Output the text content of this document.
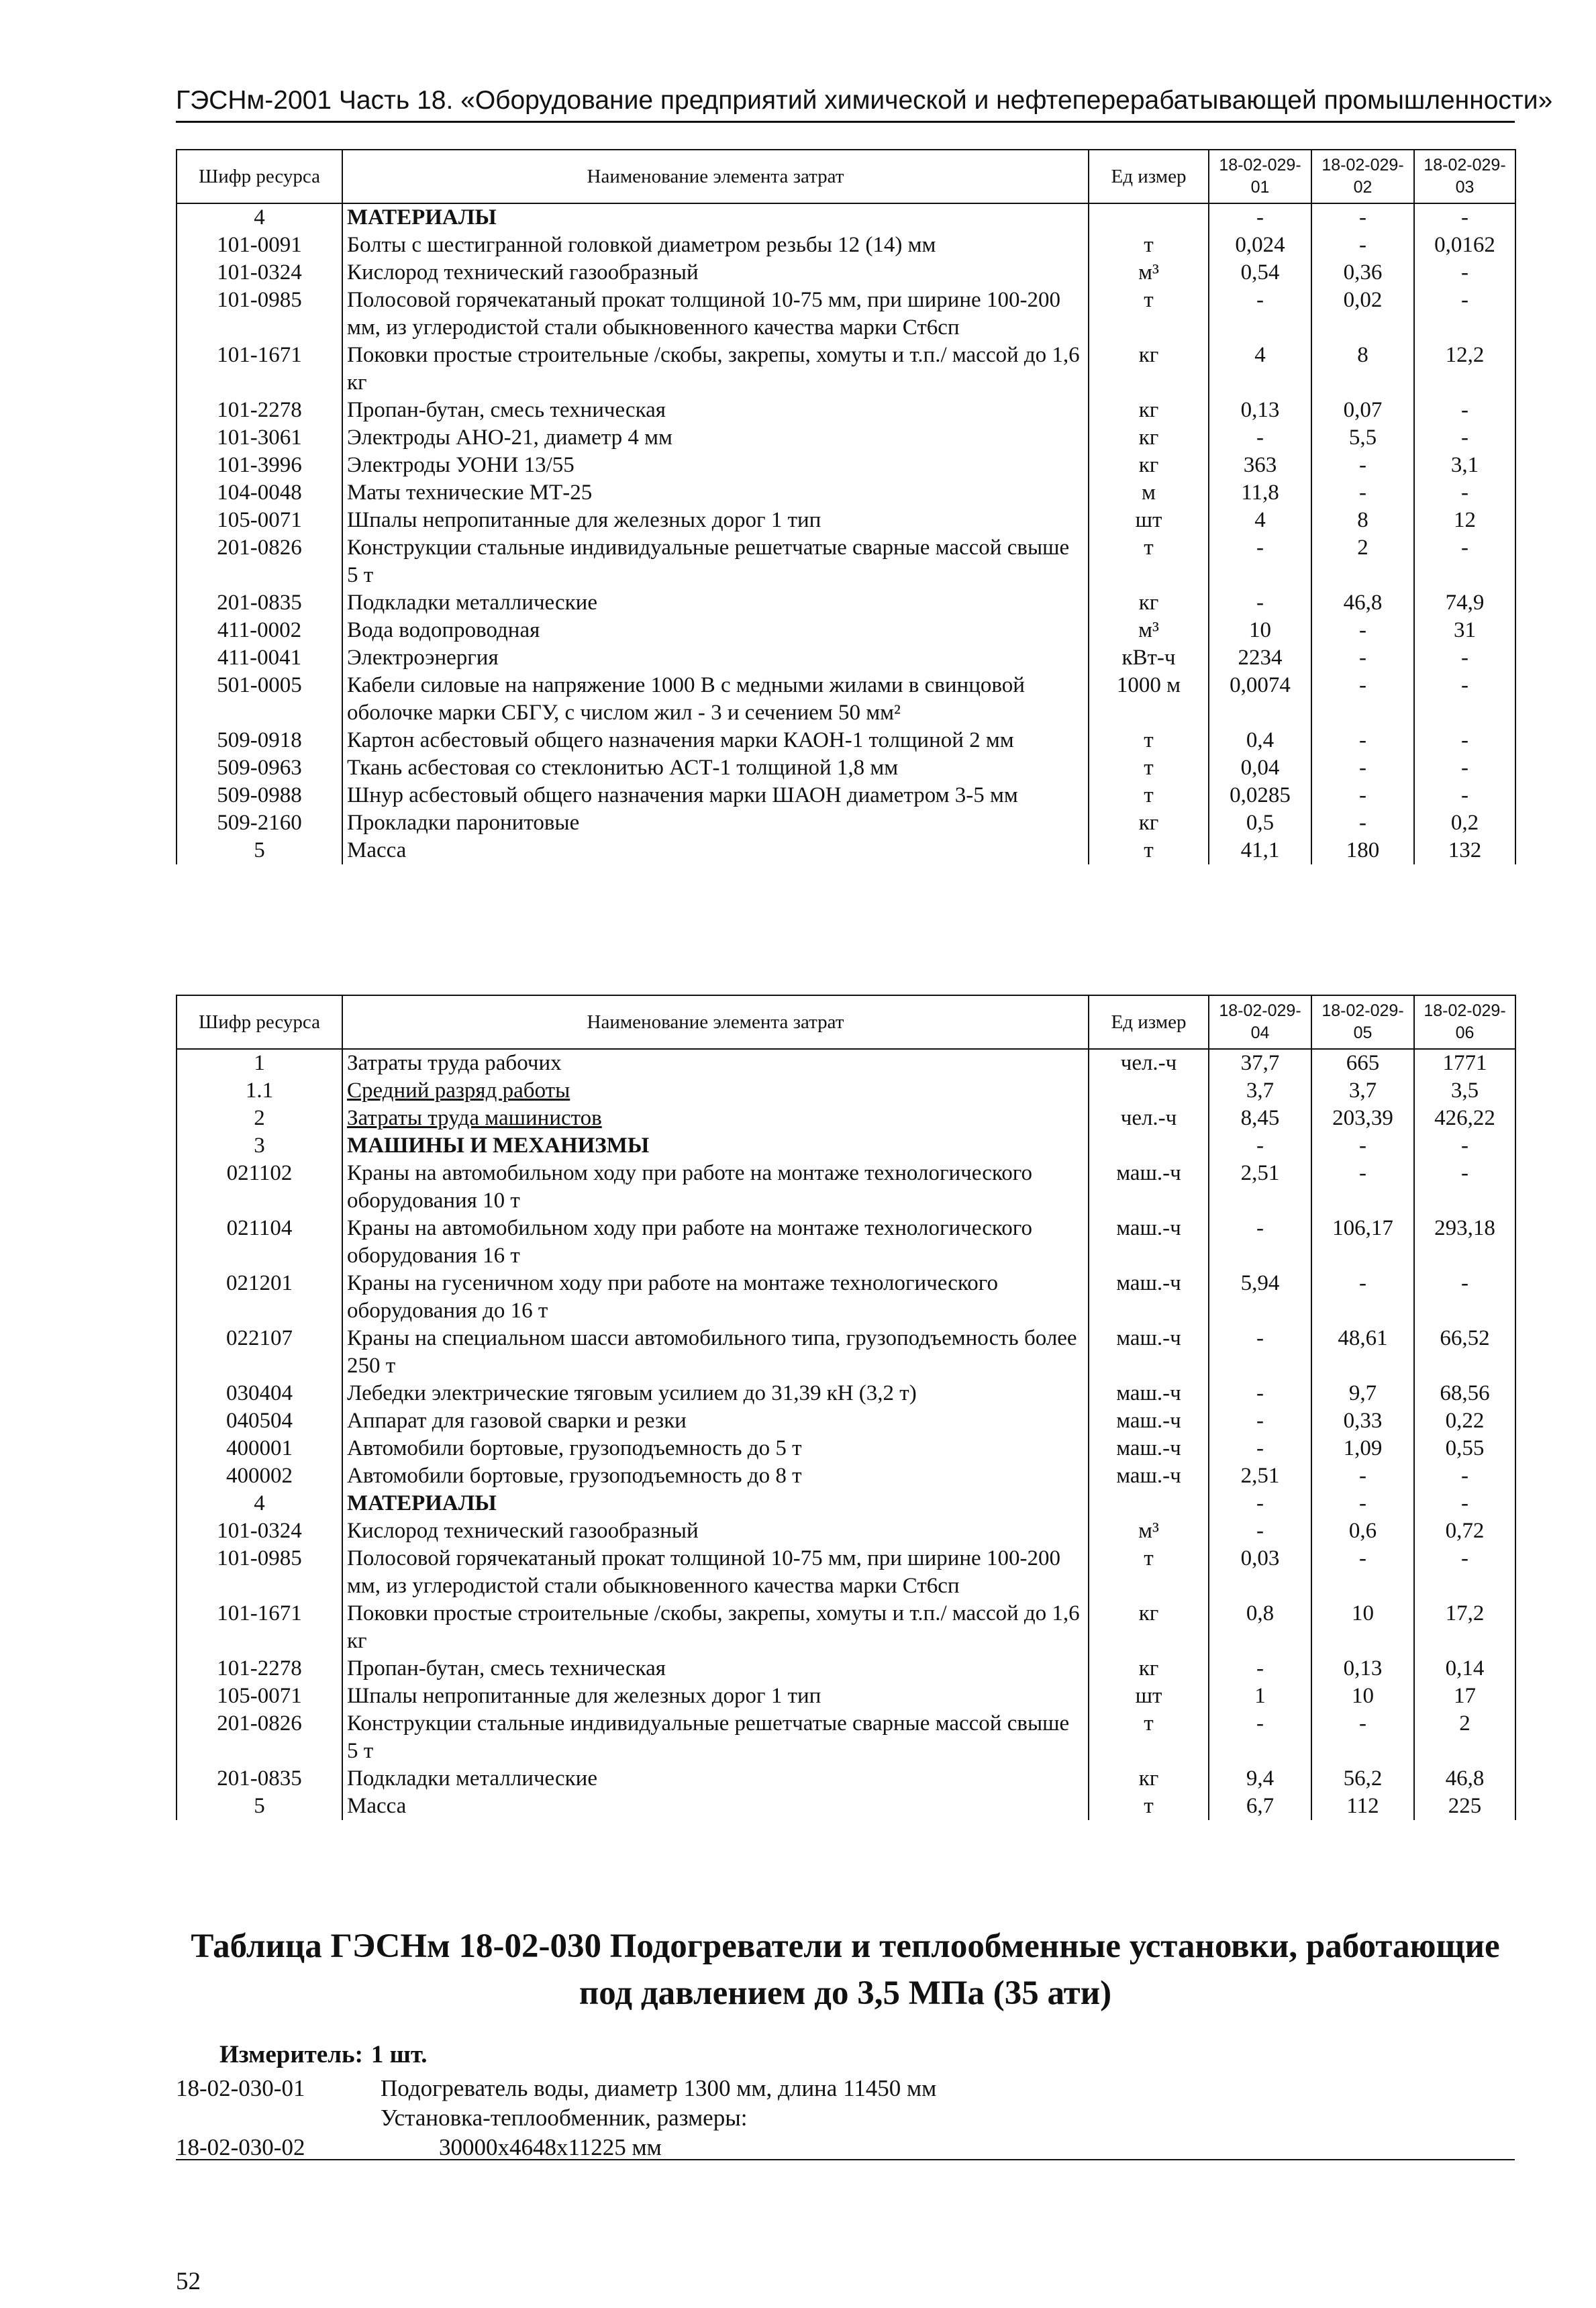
ГЭСНм-2001 Часть 18. «Оборудование предприятий химической и нефтеперерабатывающей промышленности»
Шифр ресурса	Наименование элемента затрат	Ед измер	18-02-029-01	18-02-029-02	18-02-029-03
4	МАТЕРИАЛЫ		-	-	-
101-0091	Болты с шестигранной головкой диаметром резьбы 12 (14) мм	т	0,024	-	0,0162
101-0324	Кислород технический газообразный	м³	0,54	0,36	-
101-0985	Полосовой горячекатаный прокат толщиной 10-75 мм, при ширине 100-200 мм, из углеродистой стали обыкновенного качества марки Ст6сп	т	-	0,02	-
101-1671	Поковки простые строительные /скобы, закрепы, хомуты и т.п./ массой до 1,6 кг	кг	4	8	12,2
101-2278	Пропан-бутан, смесь техническая	кг	0,13	0,07	-
101-3061	Электроды АНО-21, диаметр 4 мм	кг	-	5,5	-
101-3996	Электроды УОНИ 13/55	кг	363	-	3,1
104-0048	Маты технические МТ-25	м	11,8	-	-
105-0071	Шпалы непропитанные для железных дорог 1 тип	шт	4	8	12
201-0826	Конструкции стальные индивидуальные решетчатые сварные массой свыше 5 т	т	-	2	-
201-0835	Подкладки металлические	кг	-	46,8	74,9
411-0002	Вода водопроводная	м³	10	-	31
411-0041	Электроэнергия	кВт-ч	2234	-	-
501-0005	Кабели силовые на напряжение 1000 В с медными жилами в свинцовой оболочке марки СБГУ, с числом жил - 3 и сечением 50 мм²	1000 м	0,0074	-	-
509-0918	Картон асбестовый общего назначения марки КАОН-1 толщиной 2 мм	т	0,4	-	-
509-0963	Ткань асбестовая со стеклонитью АСТ-1 толщиной 1,8 мм	т	0,04	-	-
509-0988	Шнур асбестовый общего назначения марки ШАОН диаметром 3-5 мм	т	0,0285	-	-
509-2160	Прокладки паронитовые	кг	0,5	-	0,2
5	Масса	т	41,1	180	132
Шифр ресурса	Наименование элемента затрат	Ед измер	18-02-029-04	18-02-029-05	18-02-029-06
1	Затраты труда рабочих	чел.-ч	37,7	665	1771
1.1	Средний разряд работы		3,7	3,7	3,5
2	Затраты труда машинистов	чел.-ч	8,45	203,39	426,22
3	МАШИНЫ И МЕХАНИЗМЫ		-	-	-
021102	Краны на автомобильном ходу при работе на монтаже технологического оборудования 10 т	маш.-ч	2,51	-	-
021104	Краны на автомобильном ходу при работе на монтаже технологического оборудования 16 т	маш.-ч	-	106,17	293,18
021201	Краны на гусеничном ходу при работе на монтаже технологического оборудования до 16 т	маш.-ч	5,94	-	-
022107	Краны на специальном шасси автомобильного типа, грузоподъемность более 250 т	маш.-ч	-	48,61	66,52
030404	Лебедки электрические тяговым усилием до 31,39 кН (3,2 т)	маш.-ч	-	9,7	68,56
040504	Аппарат для газовой сварки и резки	маш.-ч	-	0,33	0,22
400001	Автомобили бортовые, грузоподъемность до 5 т	маш.-ч	-	1,09	0,55
400002	Автомобили бортовые, грузоподъемность до 8 т	маш.-ч	2,51	-	-
4	МАТЕРИАЛЫ		-	-	-
101-0324	Кислород технический газообразный	м³	-	0,6	0,72
101-0985	Полосовой горячекатаный прокат толщиной 10-75 мм, при ширине 100-200 мм, из углеродистой стали обыкновенного качества марки Ст6сп	т	0,03	-	-
101-1671	Поковки простые строительные /скобы, закрепы, хомуты и т.п./ массой до 1,6 кг	кг	0,8	10	17,2
101-2278	Пропан-бутан, смесь техническая	кг	-	0,13	0,14
105-0071	Шпалы непропитанные для железных дорог 1 тип	шт	1	10	17
201-0826	Конструкции стальные индивидуальные решетчатые сварные массой свыше 5 т	т	-	-	2
201-0835	Подкладки металлические	кг	9,4	56,2	46,8
5	Масса	т	6,7	112	225
Таблица ГЭСНм 18-02-030 Подогреватели и теплообменные установки, работающие под давлением до 3,5 МПа (35 ати)
Измеритель: 1 шт.
18-02-030-01	Подогреватель воды, диаметр 1300 мм, длина 11450 мм
Установка-теплообменник, размеры:
18-02-030-02	30000x4648x11225 мм
52
